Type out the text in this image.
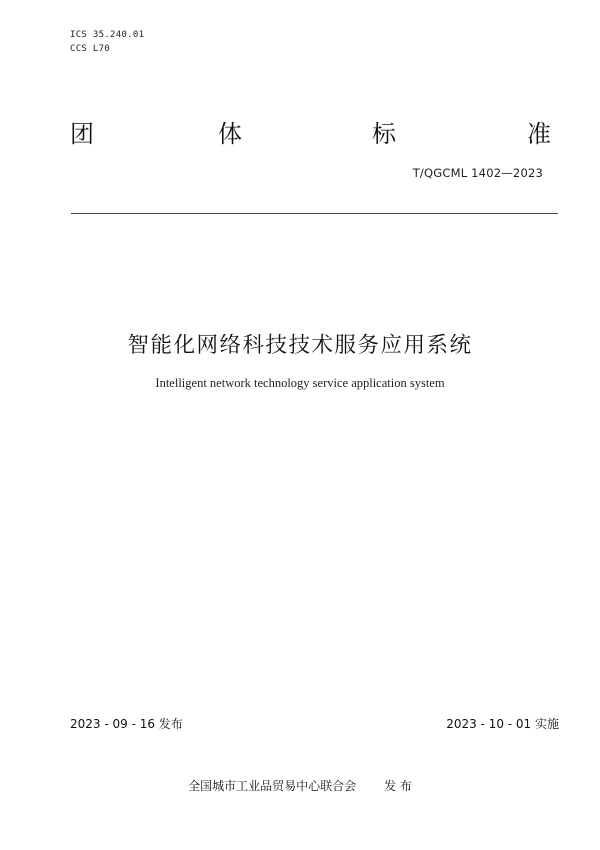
ICS 35.240.01
CCS L70
团	体	标	准
T/QGCML 1402—2023
智能化网络科技技术服务应用系统
Intelligent network technology service application system
2023 - 09 - 16 发布	2023 - 10 - 01 实施
全国城市工业品贸易中心联合会 发 布
